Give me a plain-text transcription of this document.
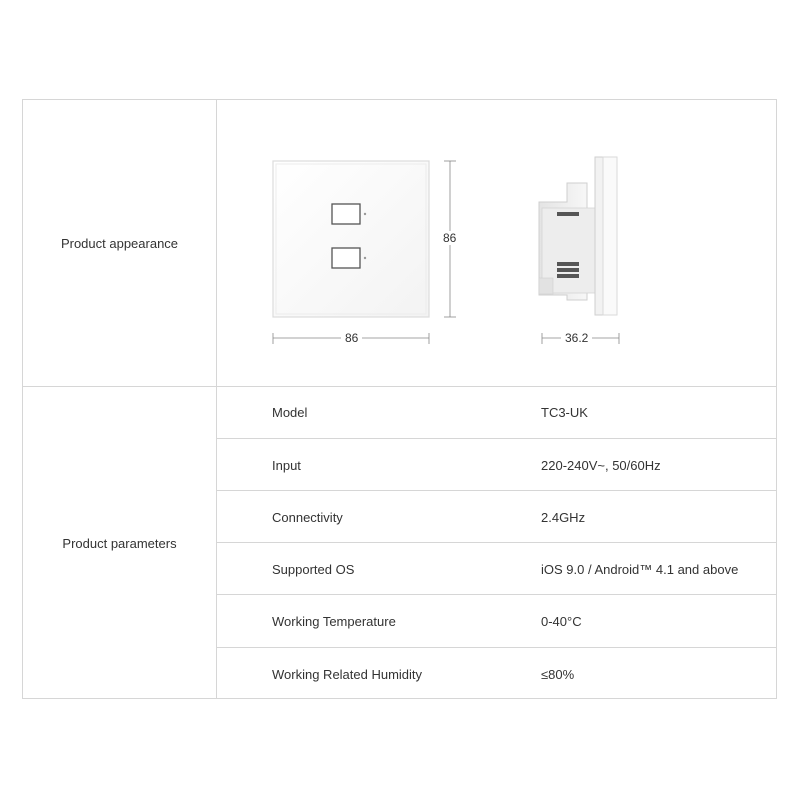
Product appearance	86
86	36.2
Product parameters
Model	TC3-UK
Input	220-240V~, 50/60Hz
Connectivity	2.4GHz
Supported OS	iOS 9.0 / Android™ 4.1 and above
Working Temperature	0-40°C
Working Related Humidity	≤80%
